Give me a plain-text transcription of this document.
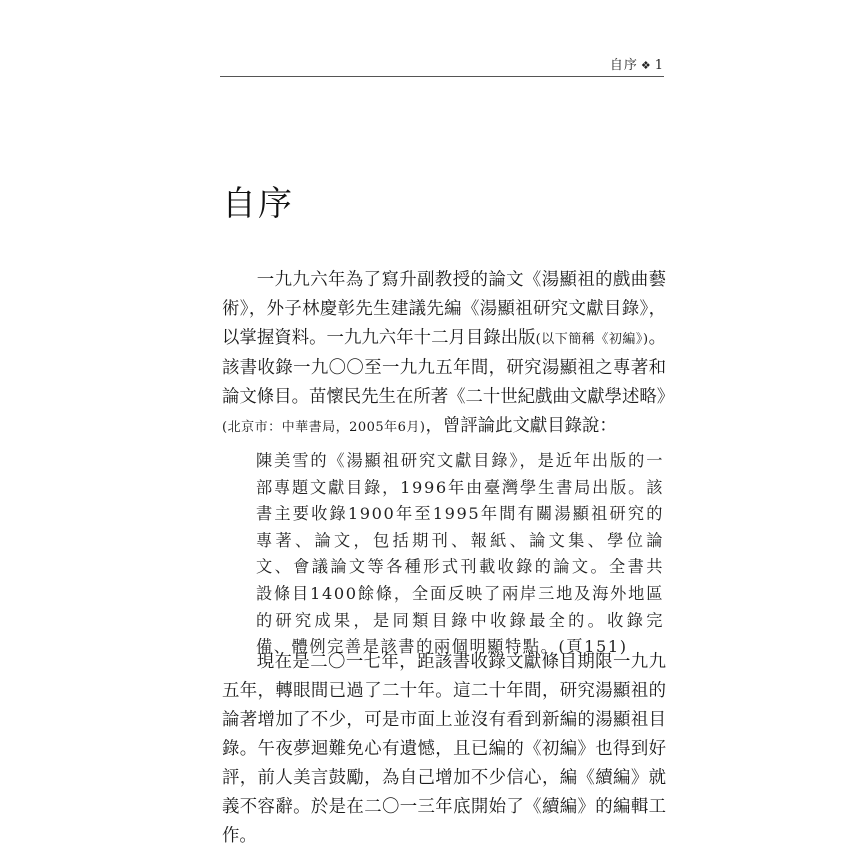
自序 ❖ 1
自序

一九九六年為了寫升副教授的論文《湯顯祖的戲曲藝術》，外子林慶彰先生建議先編《湯顯祖研究文獻目錄》，以掌握資料。一九九六年十二月目錄出版(以下簡稱《初編》)。該書收錄一九〇〇至一九九五年間，研究湯顯祖之專著和論文條目。苗懷民先生在所著《二十世紀戲曲文獻學述略》(北京市：中華書局，2005年6月)，曾評論此文獻目錄說：

陳美雪的《湯顯祖研究文獻目錄》，是近年出版的一部專題文獻目錄，1996年由臺灣學生書局出版。該書主要收錄1900年至1995年間有關湯顯祖研究的專著、論文，包括期刊、報紙、論文集、學位論文、會議論文等各種形式刊載收錄的論文。全書共設條目1400餘條，全面反映了兩岸三地及海外地區的研究成果，是同類目錄中收錄最全的。收錄完備、體例完善是該書的兩個明顯特點。(頁151)

現在是二〇一七年，距該書收錄文獻條目期限一九九五年，轉眼間已過了二十年。這二十年間，研究湯顯祖的論著增加了不少，可是市面上並沒有看到新編的湯顯祖目錄。午夜夢迴難免心有遺憾，且已編的《初編》也得到好評，前人美言鼓勵，為自己增加不少信心，編《續編》就義不容辭。於是在二〇一三年底開始了《續編》的編輯工作。
